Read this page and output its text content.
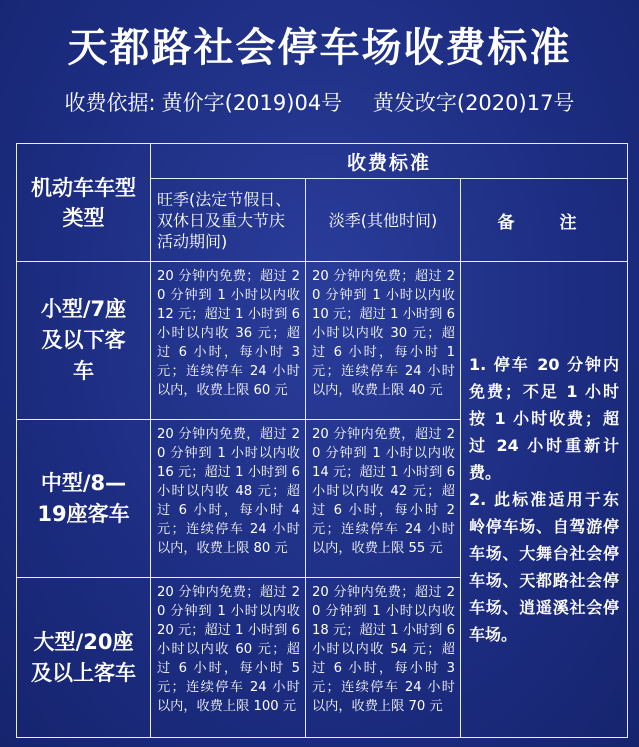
天都路社会停车场收费标准
收费依据: 黄价字(2019)04号 黄发改字(2020)17号
机动车车型类型	收费标准		
	旺季(法定节假日、双休日及重大节庆活动期间)	淡季(其他时间)	备　注
小型/7座及以下客车	20 分钟内免费；超过 20 分钟到 1 小时以内收 12 元；超过 1 小时到 6 小时以内收 36 元；超过 6 小时，每小时 3 元；连续停车 24 小时以内，收费上限 60 元	20 分钟内免费；超过 20 分钟到 1 小时以内收 10 元；超过 1 小时到 6 小时以内收 30 元；超过 6 小时，每小时 1 元；连续停车 24 小时以内，收费上限 40 元	1. 停车 20 分钟内免费；不足 1 小时按 1 小时收费；超过 24 小时重新计费。

2. 此标准适用于东岭停车场、自驾游停车场、大舞台社会停车场、天都路社会停车场、逍遥溪社会停车场。

中型/8—19座客车	20 分钟内免费，超过 20 分钟到 1 小时以内收 16 元；超过 1 小时到 6 小时以内收 48 元；超过 6 小时，每小时 4 元；连续停车 24 小时以内，收费上限 80 元	20 分钟内免费，超过 20 分钟到 1 小时以内收 14 元；超过 1 小时到 6 小时以内收 42 元；超过 6 小时，每小时 2 元；连续停车 24 小时以内，收费上限 55 元	
大型/20座及以上客车	20 分钟内免费；超过 20 分钟到 1 小时以内收 20 元；超过 1 小时到 6 小时以内收 60 元；超过 6 小时，每小时 5 元；连续停车 24 小时以内，收费上限 100 元	20 分钟内免费；超过 20 分钟到 1 小时以内收 18 元；超过 1 小时到 6 小时以内收 54 元；超过 6 小时，每小时 3 元；连续停车 24 小时以内，收费上限 70 元	
